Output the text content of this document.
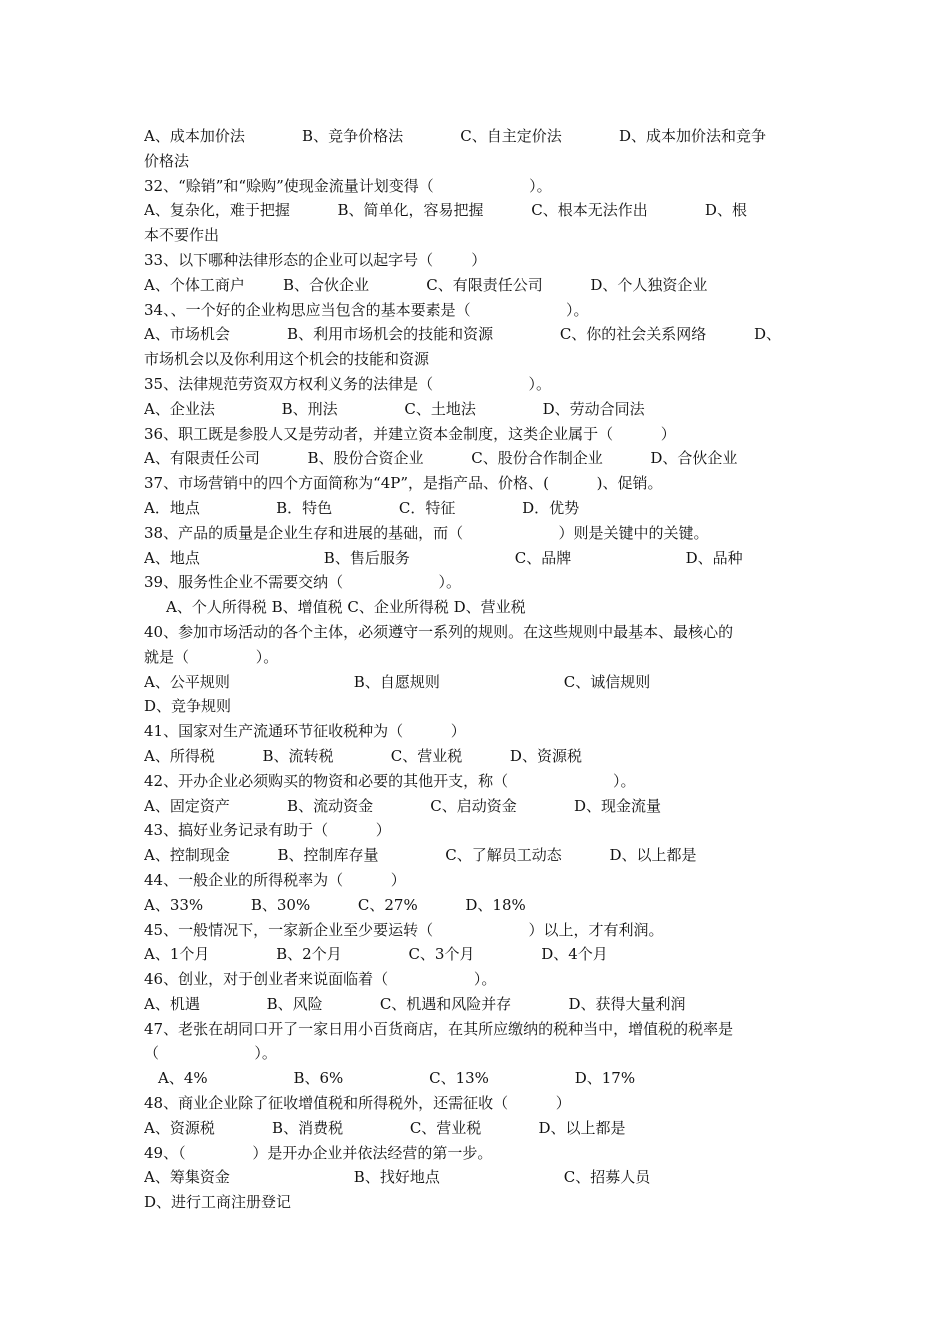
A、成本加价法            B、竞争价格法            C、自主定价法            D、成本加价法和竞争
价格法
32、“赊销”和“赊购”使现金流量计划变得（                    ）。
A、复杂化，难于把握          B、简单化，容易把握          C、根本无法作出            D、根
本不要作出
33、以下哪种法律形态的企业可以起字号（        ）
A、个体工商户        B、合伙企业            C、有限责任公司          D、个人独资企业
34、、一个好的企业构思应当包含的基本要素是（                    ）。
A、市场机会            B、利用市场机会的技能和资源              C、你的社会关系网络          D、
市场机会以及你利用这个机会的技能和资源
35、法律规范劳资双方权利义务的法律是（                    ）。
A、企业法              B、刑法              C、土地法              D、劳动合同法
36、职工既是参股人又是劳动者，并建立资本金制度，这类企业属于（          ）
A、有限责任公司          B、股份合资企业          C、股份合作制企业          D、合伙企业
37、市场营销中的四个方面简称为“4P”，是指产品、价格、(          )、促销。
A．地点                B．特色              C．特征              D．优势
38、产品的质量是企业生存和进展的基础，而（                    ）则是关键中的关键。
A、地点                          B、售后服务                      C、品牌                        D、品种
39、服务性企业不需要交纳（                    ）。
A、个人所得税 B、增值税 C、企业所得税 D、营业税
40、参加市场活动的各个主体，必须遵守一系列的规则。在这些规则中最基本、最核心的
就是（              ）。
A、公平规则                          B、自愿规则                          C、诚信规则
D、竞争规则
41、国家对生产流通环节征收税种为（          ）
A、所得税          B、流转税            C、营业税          D、资源税
42、开办企业必须购买的物资和必要的其他开支，称（                      ）。
A、固定资产            B、流动资金            C、启动资金            D、现金流量
43、搞好业务记录有助于（          ）
A、控制现金          B、控制库存量              C、了解员工动态          D、以上都是
44、一般企业的所得税率为（          ）
A、33%          B、30%          C、27%          D、18%
45、一般情况下，一家新企业至少要运转（                    ）以上，才有利润。
A、1个月              B、2个月              C、3个月              D、4个月
46、创业，对于创业者来说面临着（                  ）。
A、机遇              B、风险            C、机遇和风险并存            D、获得大量利润
47、老张在胡同口开了一家日用小百货商店，在其所应缴纳的税种当中，增值税的税率是
（                    ）。
A、4%                  B、6%                  C、13%                  D、17%
48、商业企业除了征收增值税和所得税外，还需征收（          ）
A、资源税            B、消费税              C、营业税            D、以上都是
49、（              ）是开办企业并依法经营的第一步。
A、筹集资金                          B、找好地点                          C、招募人员
D、进行工商注册登记
